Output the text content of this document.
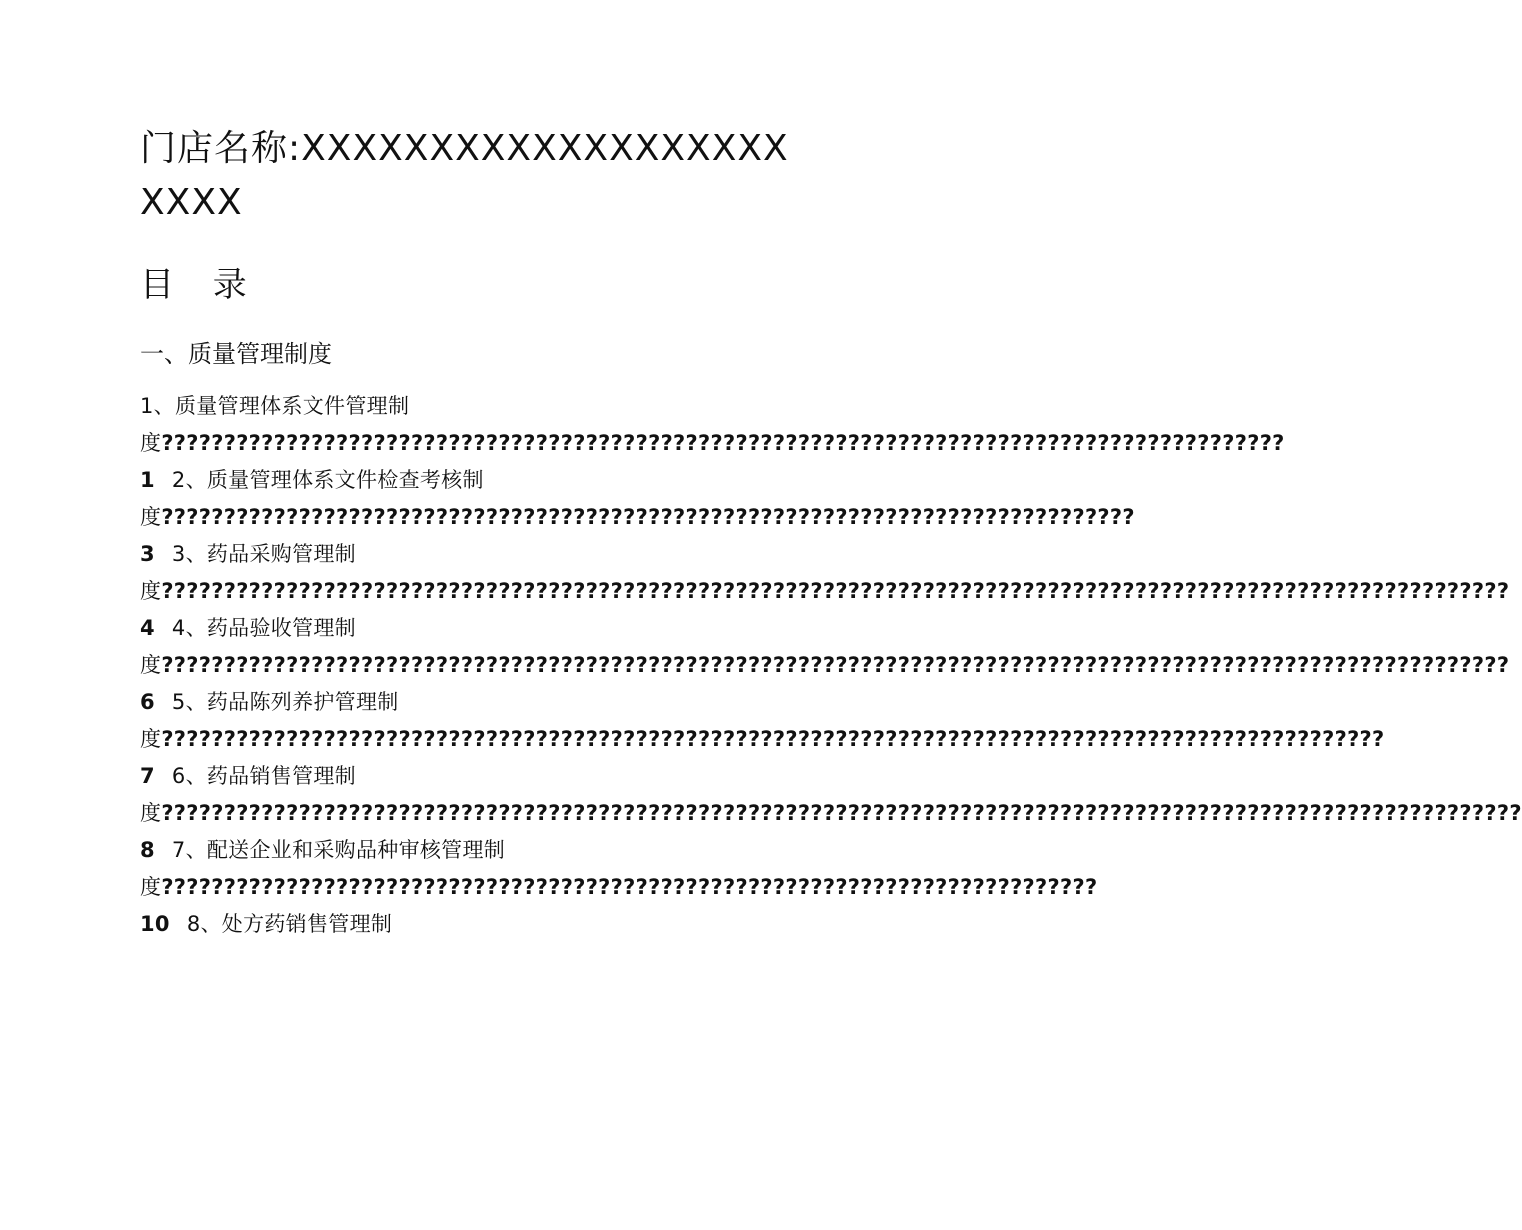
门店名称:XXXXXXXXXXXXXXXXXXXXXXX
目 录
一、质量管理制度
1、质量管理体系文件管理制度??????????????????????????????????????????????????????????????????????????????????????????1 2、质量管理体系文件检查考核制度??????????????????????????????????????????????????????????????????????????????3 3、药品采购管理制度????????????????????????????????????????????????????????????????????????????????????????????????????????????4 4、药品验收管理制度????????????????????????????????????????????????????????????????????????????????????????????????????????????6 5、药品陈列养护管理制度??????????????????????????????????????????????????????????????????????????????????????????????????7 6、药品销售管理制度?????????????????????????????????????????????????????????????????????????????????????????????????????????????8 7、配送企业和采购品种审核管理制度???????????????????????????????????????????????????????????????????????????10 8、处方药销售管理制
